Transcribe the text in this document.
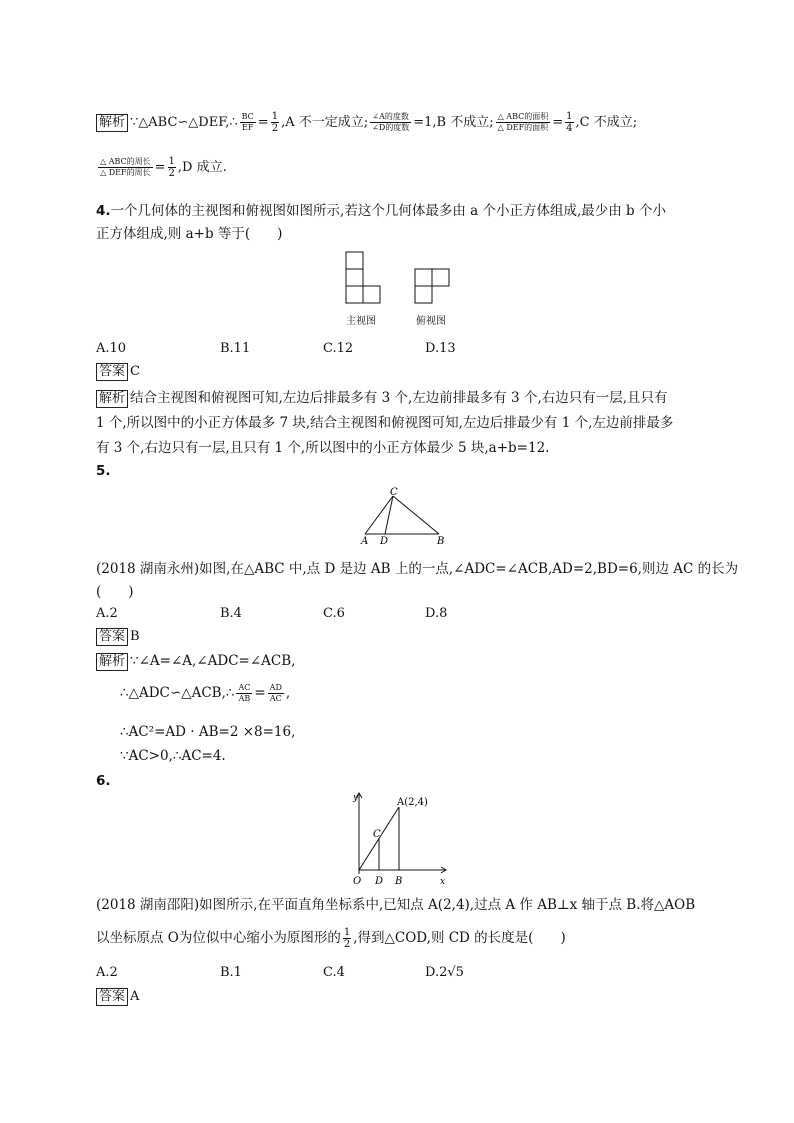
解析 ∵△ABC∽△DEF,∴ $\frac{BC}{EF} = \frac{1}{2} ,A$ 不一定成立; $\frac{\text{∠A的度数}}{\text{∠D的度数}} =1,B$ 不成立; $\frac{\text{△ ABC的面积}}{\text{△ DEF的面积}} = \frac{1}{4} ,C$ 不成立;
$\frac{\text{△ ABC的周长}}{\text{△ DEF的周长}} = \frac{1}{2} ,D$ 成立.
4.一个几何体的主视图和俯视图如图所示,若这个几何体最多由 a 个小正方体组成,最少由 b 个小
正方体组成,则 a+b 等于(　　)
主视图	俯视图
A.10	B.11	C.12	D.13
答案 C
解析 结合主视图和俯视图可知,左边后排最多有 3 个,左边前排最多有 3 个,右边只有一层,且只有
1 个,所以图中的小正方体最多 7 块,结合主视图和俯视图可知,左边后排最少有 1 个,左边前排最多
有 3 个,右边只有一层,且只有 1 个,所以图中的小正方体最少 5 块,a+b=12.
5.
C
A D	B
(2018 湖南永州)如图,在△ABC 中,点 D 是边 AB 上的一点,∠ADC=∠ACB,AD=2,BD=6,则边 AC 的长为
(　　)
A.2	B.4	C.6	D.8
答案 B
解析 ∵∠A=∠A,∠ADC=∠ACB,
∴△ADC∽△ACB,∴ $\frac{AC}{AB} = \frac{AD}{AC}$ ,
∴AC²=AD · AB=2 ×8=16,
∵AC>0,∴AC=4.
6.
y
x
O D B
C
A(2,4)
(2018 湖南邵阳)如图所示,在平面直角坐标系中,已知点 A(2,4),过点 A 作 AB⊥x 轴于点 B.将△AOB
以坐标原点 O为位似中心缩小为原图形的 $\frac{1}{2}$ ,得到△COD,则 CD 的长度是(　　)
A.2	B.1	C.4	D.2√5
答案 A
